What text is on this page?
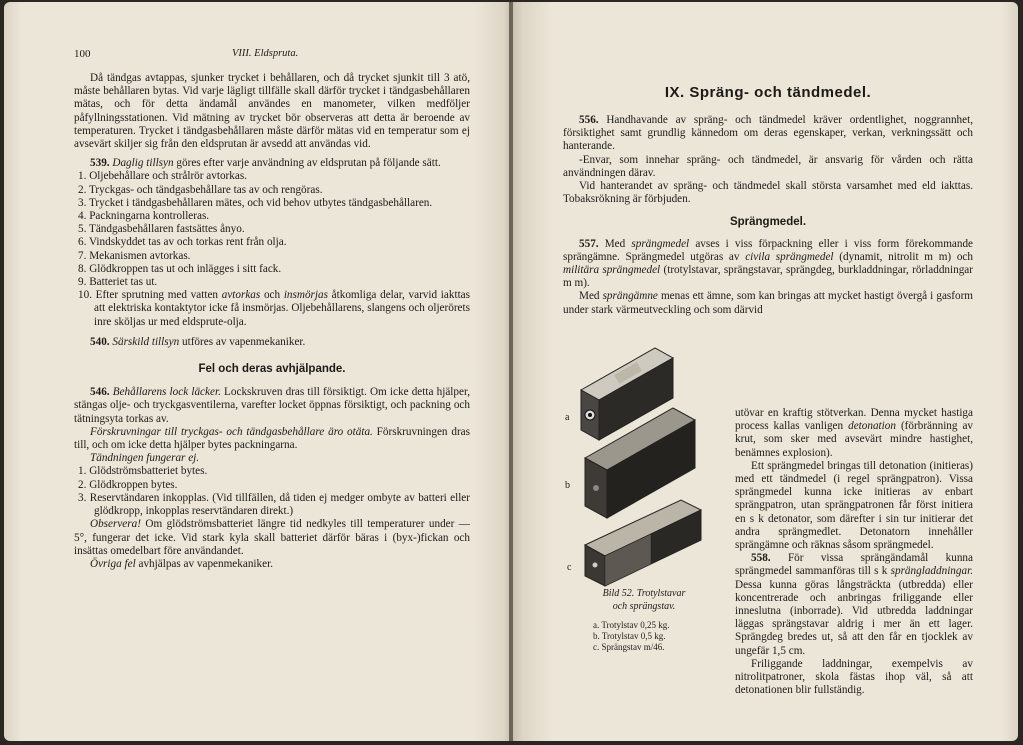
100	VIII. Eldspruta.

Då tändgas avtappas, sjunker trycket i behållaren, och då trycket sjunkit till 3 atö, måste behållaren bytas. Vid varje lägligt tillfälle skall därför trycket i tändgasbehållaren mätas, och för detta ändamål användes en manometer, vilken medföljer påfyllningsstationen. Vid mätning av trycket bör observeras att detta är beroende av temperaturen. Trycket i tändgasbehållaren måste därför mätas vid en temperatur som ej avsevärt skiljer sig från den eldsprutan är avsedd att användas vid.

539. Daglig tillsyn göres efter varje användning av eldsprutan på följande sätt.

1. Oljebehållare och strålrör avtorkas.

2. Tryckgas- och tändgasbehållare tas av och rengöras.

3. Trycket i tändgasbehållaren mätes, och vid behov utbytes tändgasbehållaren.

4. Packningarna kontrolleras.

5. Tändgasbehållaren fastsättes ånyo.

6. Vindskyddet tas av och torkas rent från olja.

7. Mekanismen avtorkas.

8. Glödkroppen tas ut och inlägges i sitt fack.

9. Batteriet tas ut.

10. Efter sprutning med vatten avtorkas och insmörjas åtkomliga delar, varvid iakttas att elektriska kontaktytor icke få insmörjas. Oljebehållarens, slangens och oljerörets inre sköljas ur med eldsprute-olja.

540. Särskild tillsyn utföres av vapenmekaniker.

Fel och deras avhjälpande.

546. Behållarens lock läcker. Lockskruven dras till försiktigt. Om icke detta hjälper, stängas olje- och tryckgasventilerna, varefter locket öppnas försiktigt, och packning och tätningsyta torkas av.

Förskruvningar till tryckgas- och tändgasbehållare äro otäta. Förskruvningen dras till, och om icke detta hjälper bytes packningarna.

Tändningen fungerar ej.

1. Glödströmsbatteriet bytes.

2. Glödkroppen bytes.

3. Reservtändaren inkopplas. (Vid tillfällen, då tiden ej medger ombyte av batteri eller glödkropp, inkopplas reservtändaren direkt.)

Observera! Om glödströmsbatteriet längre tid nedkyles till temperaturer under — 5°, fungerar det icke. Vid stark kyla skall batteriet därför bäras i (byx-)fickan och insättas omedelbart före användandet.

Övriga fel avhjälpas av vapenmekaniker.

IX. Spräng- och tändmedel.

556. Handhavande av spräng- och tändmedel kräver ordentlighet, noggrannhet, försiktighet samt grundlig kännedom om deras egenskaper, verkan, verkningssätt och hanterande.

-Envar, som innehar spräng- och tändmedel, är ansvarig för vården och rätta användningen därav.

Vid hanterandet av spräng- och tändmedel skall största varsamhet med eld iakttas. Tobaksrökning är förbjuden.

Sprängmedel.

557. Med sprängmedel avses i viss förpackning eller i viss form förekommande sprängämne. Sprängmedel utgöras av civila sprängmedel (dynamit, nitrolit m m) och militära sprängmedel (trotylstavar, sprängstavar, sprängdeg, burkladdningar, rörladdningar m m).

Med sprängämne menas ett ämne, som kan bringas att mycket hastigt övergå i gasform under stark värmeutveckling och som därvid

utövar en kraftig stötverkan. Denna mycket hastiga process kallas vanligen detonation (förbränning av krut, som sker med avsevärt mindre hastighet, benämnes explosion).

Ett sprängmedel bringas till detonation (initieras) med ett tändmedel (i regel sprängpatron). Vissa sprängmedel kunna icke initieras av enbart sprängpatron, utan sprängpatronen får först initiera en s k detonator, som därefter i sin tur initierar det andra sprängmedlet. Detonatorn innehåller sprängämne och räknas såsom sprängmedel.

558. För vissa sprängändamål kunna sprängmedel sammanföras till s k sprängladdningar. Dessa kunna göras långsträckta (utbredda) eller koncentrerade och anbringas friliggande eller inneslutna (inborrade). Vid utbredda laddningar läggas sprängstavar aldrig i mer än ett lager. Sprängdeg bredes ut, så att den får en tjocklek av ungefär 1,5 cm.

Friliggande laddningar, exempelvis av nitrolitpatroner, skola fästas ihop väl, så att detonationen blir fullständig.

a
b
c
Bild 52. Trotylstavar
och sprängstav.
a. Trotylstav 0,25 kg.
b. Trotylstav 0,5 kg.
c. Sprängstav m/46.
